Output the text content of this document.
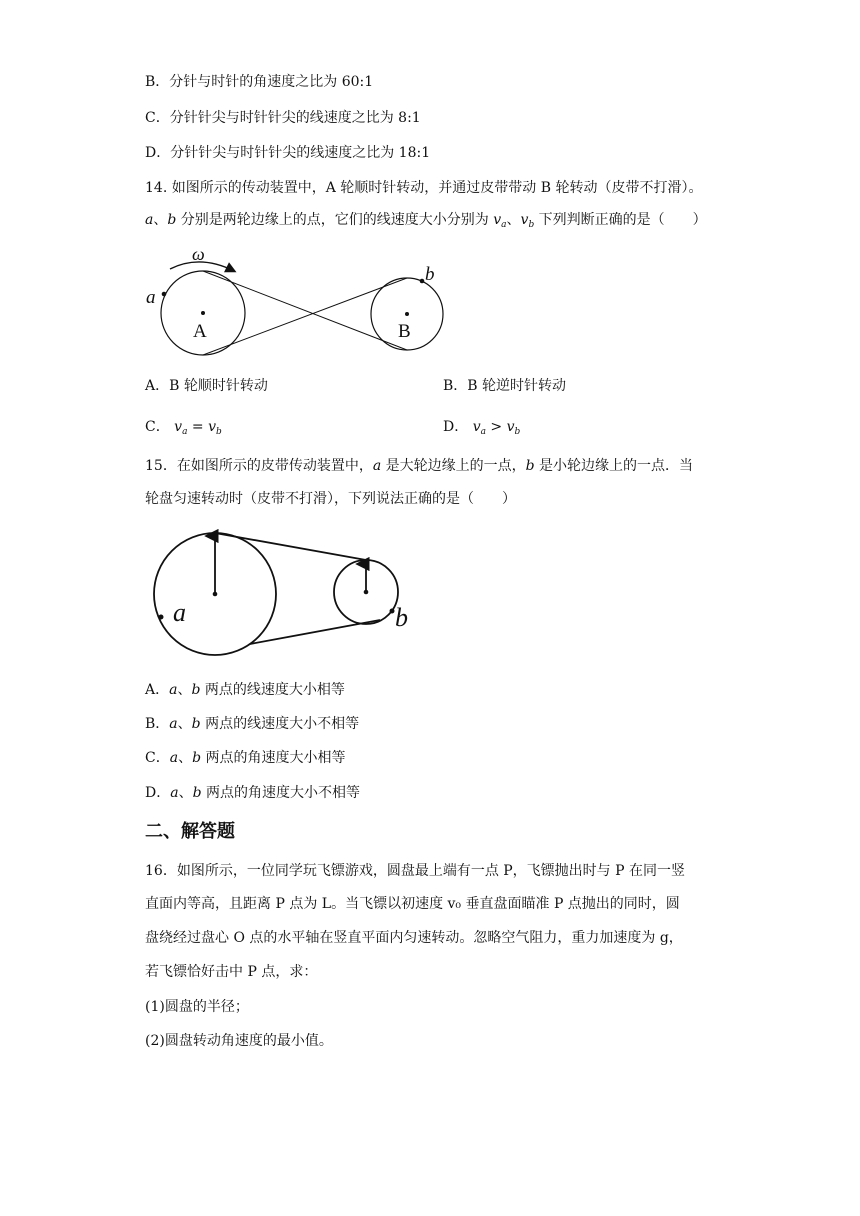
B．分针与时针的角速度之比为 60:1
C．分针针尖与时针针尖的线速度之比为 8:1
D．分针针尖与时针针尖的线速度之比为 18:1
14. 如图所示的传动装置中，A 轮顺时针转动，并通过皮带带动 B 轮转动（皮带不打滑）。
a、b 分别是两轮边缘上的点，它们的线速度大小分别为 $v_a$、$v_b$ 下列判断正确的是（　　）
ω
a
b
A	B
A．B 轮顺时针转动	B．B 轮逆时针转动
C． $v_a = v_b$	D． $v_a > v_b$
15．在如图所示的皮带传动装置中，a 是大轮边缘上的一点，b 是小轮边缘上的一点．当
轮盘匀速转动时（皮带不打滑），下列说法正确的是（　　）
a	b
A．a、b 两点的线速度大小相等
B．a、b 两点的线速度大小不相等
C．a、b 两点的角速度大小相等
D．a、b 两点的角速度大小不相等
二、解答题
16．如图所示，一位同学玩飞镖游戏，圆盘最上端有一点 P，飞镖抛出时与 P 在同一竖
直面内等高，且距离 P 点为 L。当飞镖以初速度 v₀ 垂直盘面瞄准 P 点抛出的同时，圆
盘绕经过盘心 O 点的水平轴在竖直平面内匀速转动。忽略空气阻力，重力加速度为 g，
若飞镖恰好击中 P 点，求：
(1)圆盘的半径；
(2)圆盘转动角速度的最小值。
